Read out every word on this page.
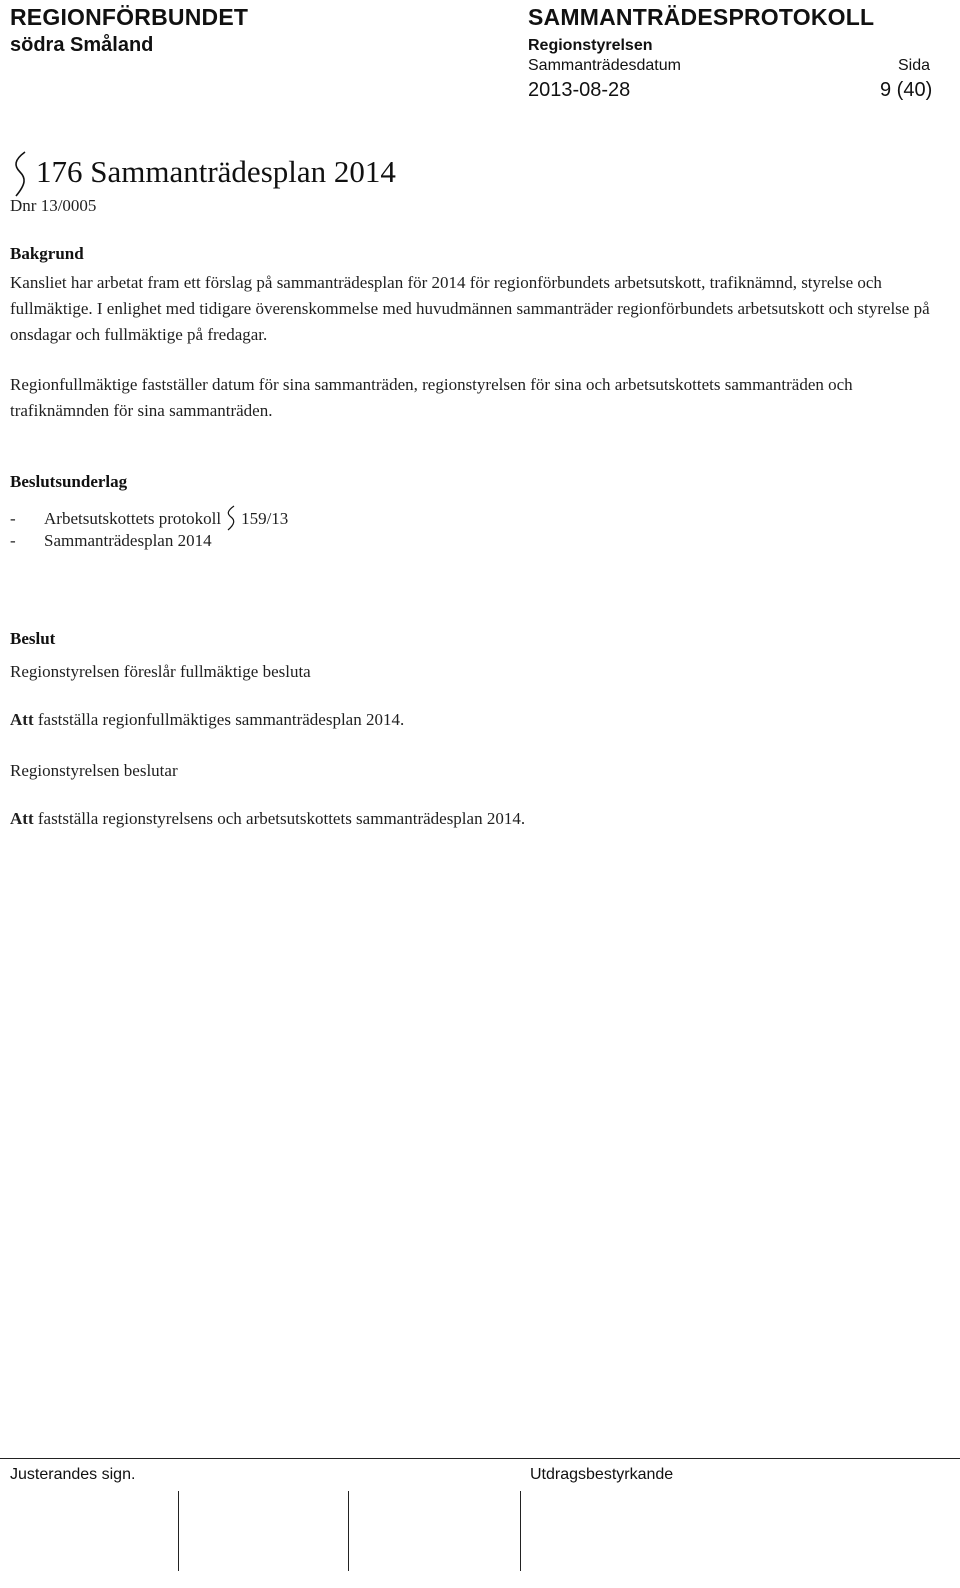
REGIONFÖRBUNDET
södra Småland
SAMMANTRÄDESPROTOKOLL
Regionstyrelsen
Sammanträdesdatum	Sida
2013-08-28	9 (40)
176 Sammanträdesplan 2014
Dnr 13/0005
Bakgrund
Kansliet har arbetat fram ett förslag på sammanträdesplan för 2014 för regionförbundets arbetsutskott, trafiknämnd, styrelse och fullmäktige. I enlighet med tidigare överenskommelse med huvudmännen sammanträder regionförbundets arbetsutskott och styrelse på onsdagar och fullmäktige på fredagar.
Regionfullmäktige fastställer datum för sina sammanträden, regionstyrelsen för sina och arbetsutskottets sammanträden och trafiknämnden för sina sammanträden.
Beslutsunderlag
- Arbetsutskottets protokoll 159/13
- Sammanträdesplan 2014
Beslut
Regionstyrelsen föreslår fullmäktige besluta
Att fastställa regionfullmäktiges sammanträdesplan 2014.
Regionstyrelsen beslutar
Att fastställa regionstyrelsens och arbetsutskottets sammanträdesplan 2014.
Justerandes sign.	Utdragsbestyrkande
